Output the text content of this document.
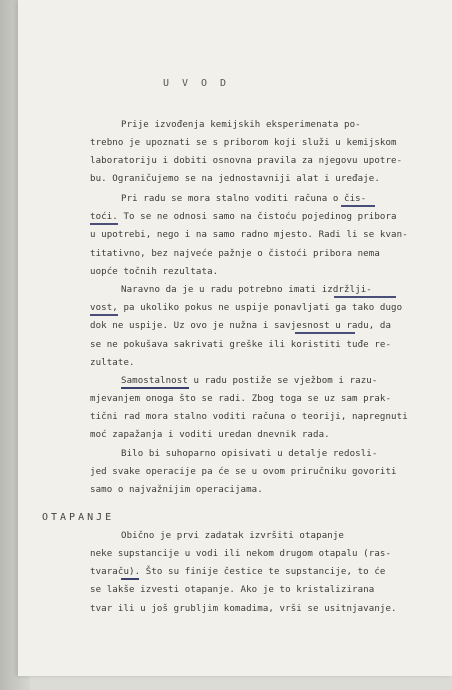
UVOD
Prije izvođenja kemijskih eksperimenata po-
trebno je upoznati se s priborom koji služi u kemijskom
laboratoriju i dobiti osnovna pravila za njegovu upotre-
bu. Ograničujemo se na jednostavniji alat i uređaje.
Pri radu se mora stalno voditi računa o čis-
toći. To se ne odnosi samo na čistoću pojedinog pribora
u upotrebi, nego i na samo radno mjesto. Radi li se kvan-
titativno, bez najveće pažnje o čistoći pribora nema
uopće točnih rezultata.
Naravno da je u radu potrebno imati izdržlji-
vost, pa ukoliko pokus ne uspije ponavljati ga tako dugo
dok ne uspije. Uz ovo je nužna i savjesnost u radu, da
se ne pokušava sakrivati greške ili koristiti tuđe re-
zultate.
Samostalnost u radu postiže se vježbom i razu-
mjevanjem onoga što se radi. Zbog toga se uz sam prak-
tični rad mora stalno voditi računa o teoriji, napregnuti
moć zapažanja i voditi uredan dnevnik rada.
Bilo bi suhoparno opisivati u detalje redosli-
jed svake operacije pa će se u ovom priručniku govoriti
samo o najvažnijim operacijama.
OTAPANJE
Obično je prvi zadatak izvršiti otapanje
neke supstancije u vodi ili nekom drugom otapalu (ras-
tvaraču). Što su finije čestice te supstancije, to će
se lakše izvesti otapanje. Ako je to kristalizirana
tvar ili u još grubljim komadima, vrši se usitnjavanje.
